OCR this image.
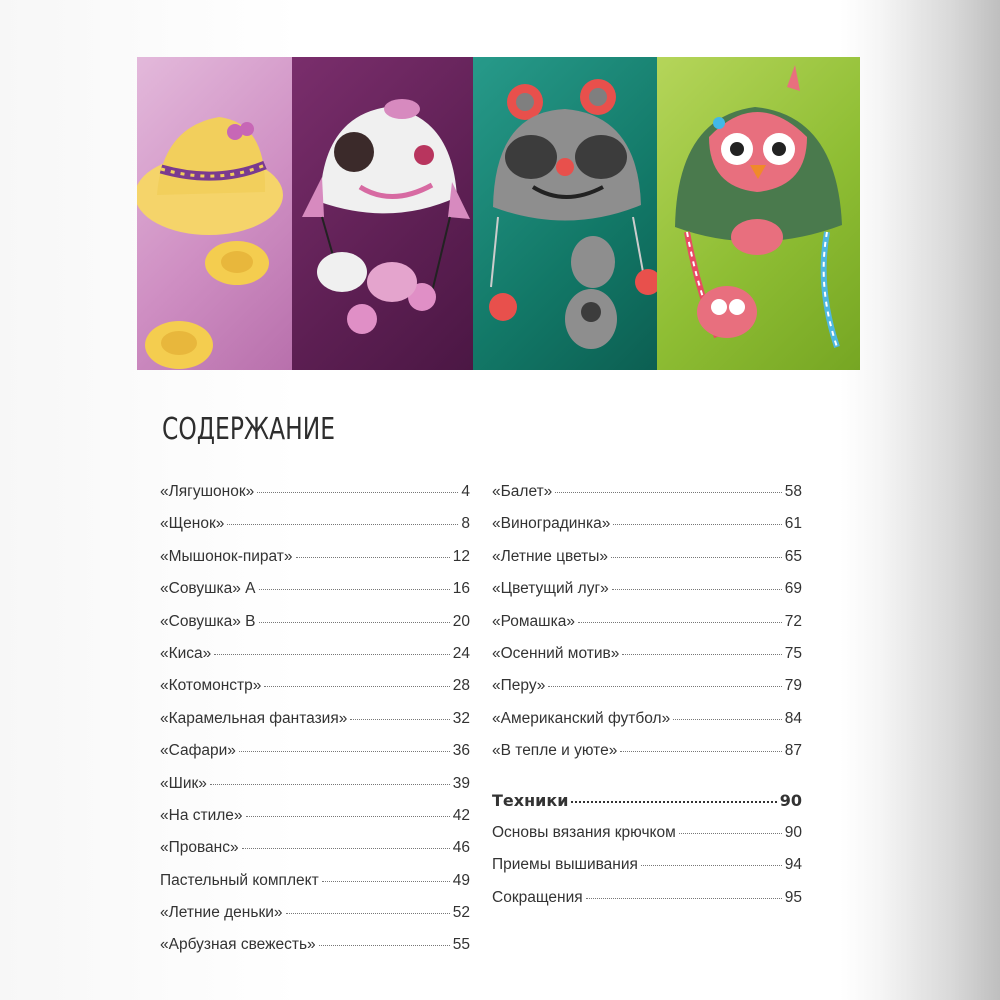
СОДЕРЖАНИЕ
«Лягушонок»	4
«Щенок»	8
«Мышонок-пират»	12
«Совушка» А	16
«Совушка» В	20
«Киса»	24
«Котомонстр»	28
«Карамельная фантазия»	32
«Сафари»	36
«Шик»	39
«На стиле»	42
«Прованс»	46
Пастельный комплект	49
«Летние деньки»	52
«Арбузная свежесть»	55
«Балет»	58
«Виноградинка»	61
«Летние цветы»	65
«Цветущий луг»	69
«Ромашка»	72
«Осенний мотив»	75
«Перу»	79
«Американский футбол»	84
«В тепле и уюте»	87
Техники	90
Основы вязания крючком	90
Приемы вышивания	94
Сокращения	95
